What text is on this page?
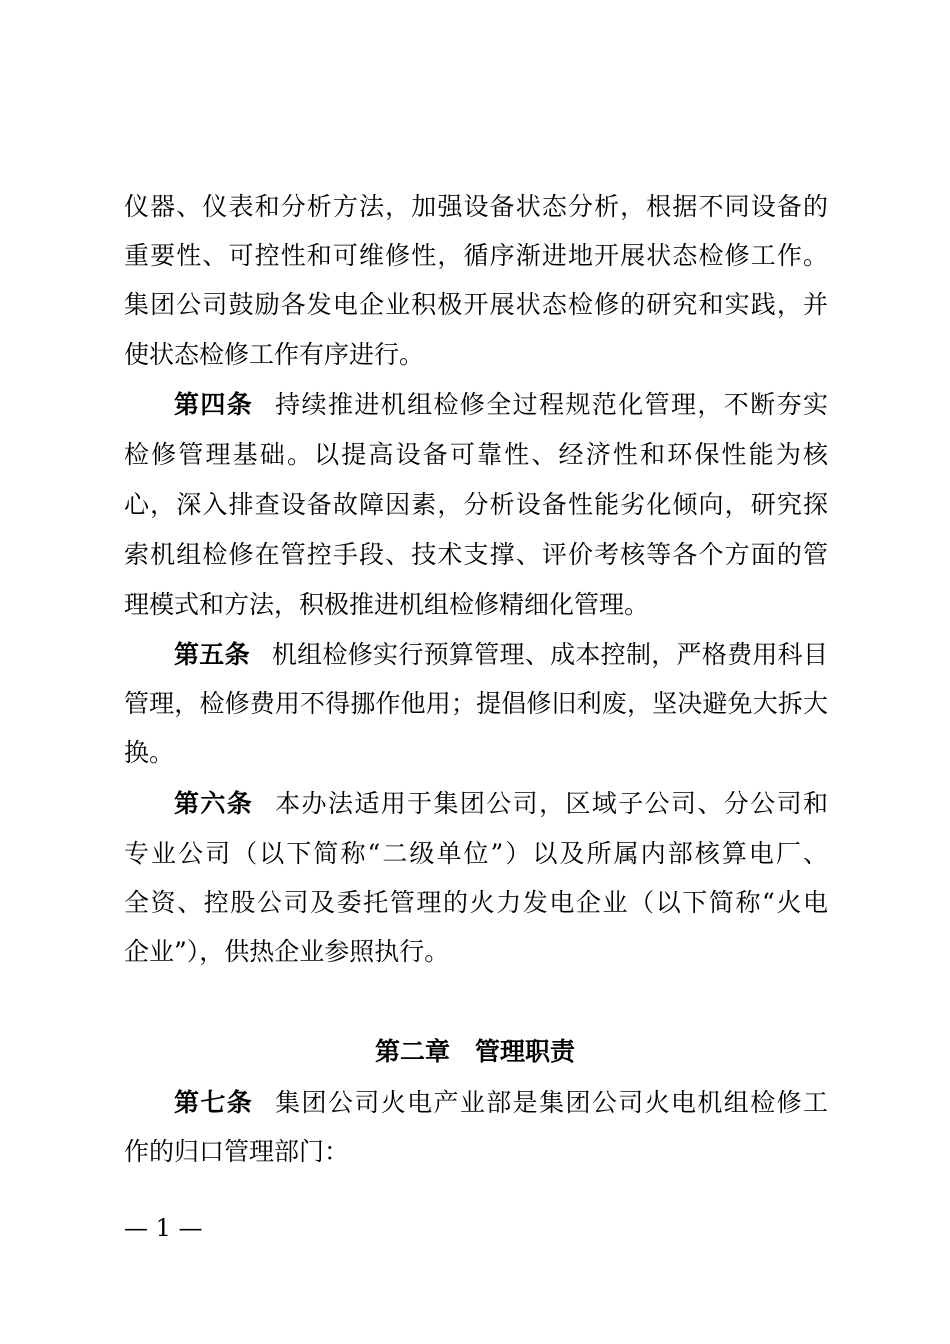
仪器、仪表和分析方法，加强设备状态分析，根据不同设备的
重要性、可控性和可维修性，循序渐进地开展状态检修工作。
集团公司鼓励各发电企业积极开展状态检修的研究和实践，并
使状态检修工作有序进行。
第四条 持续推进机组检修全过程规范化管理，不断夯实
检修管理基础。以提高设备可靠性、经济性和环保性能为核
心，深入排查设备故障因素，分析设备性能劣化倾向，研究探
索机组检修在管控手段、技术支撑、评价考核等各个方面的管
理模式和方法，积极推进机组检修精细化管理。
第五条 机组检修实行预算管理、成本控制，严格费用科目
管理，检修费用不得挪作他用；提倡修旧利废，坚决避免大拆大
换。
第六条 本办法适用于集团公司，区域子公司、分公司和
专业公司（以下简称“二级单位”）以及所属内部核算电厂、
全资、控股公司及委托管理的火力发电企业（以下简称“火电
企业”），供热企业参照执行。
第二章 管理职责
第七条 集团公司火电产业部是集团公司火电机组检修工
作的归口管理部门：
— 1 —
